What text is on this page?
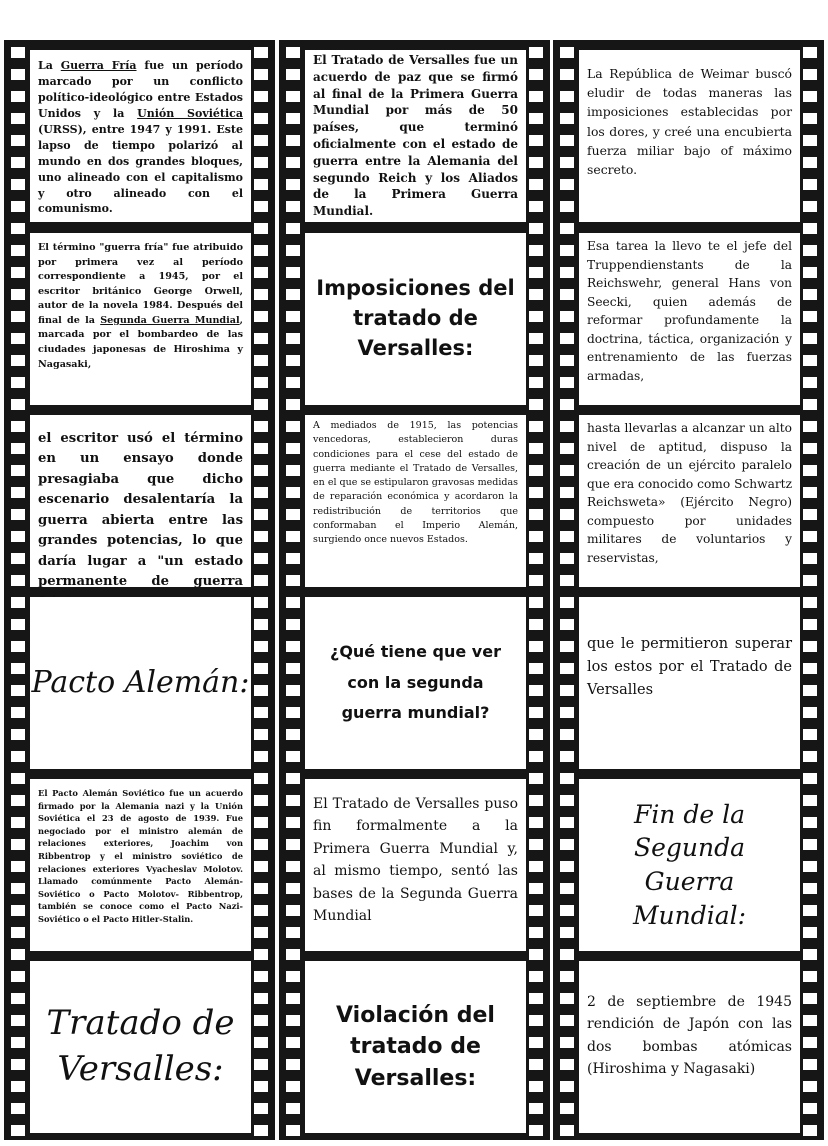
La Guerra Fría fue un período marcado por un conflicto político-ideológico entre Estados Unidos y la Unión Soviética (URSS), entre 1947 y 1991. Este lapso de tiempo polarizó al mundo en dos grandes bloques, uno alineado con el capitalismo y otro alineado con el comunismo.

El término "guerra fría" fue atribuido por primera vez al período correspondiente a 1945, por el escritor británico George Orwell, autor de la novela 1984. Después del final de la Segunda Guerra Mundial, marcada por el bombardeo de las ciudades japonesas de Hiroshima y Nagasaki,

el escritor usó el término en un ensayo donde presagiaba que dicho escenario desalentaría la guerra abierta entre las grandes potencias, lo que daría lugar a "un estado permanente de guerra

Pacto Alemán:

El Pacto Alemán Soviético fue un acuerdo firmado por la Alemania nazi y la Unión Soviética el 23 de agosto de 1939. Fue negociado por el ministro alemán de relaciones exteriores, Joachim von Ribbentrop y el ministro soviético de relaciones exteriores Vyacheslav Molotov. Llamado comúnmente Pacto Alemán-Soviético o Pacto Molotov- Ribbentrop, también se conoce como el Pacto Nazi-Soviético o el Pacto Hitler-Stalin.

Tratado de Versalles:

El Tratado de Versalles fue un acuerdo de paz que se firmó al final de la Primera Guerra Mundial por más de 50 países, que terminó oficialmente con el estado de guerra entre la Alemania del segundo Reich y los Aliados de la Primera Guerra Mundial.

Imposiciones del tratado de Versalles:

A mediados de 1915, las potencias vencedoras, establecieron duras condiciones para el cese del estado de guerra mediante el Tratado de Versalles, en el que se estipularon gravosas medidas de reparación económica y acordaron la redistribución de territorios que conformaban el Imperio Alemán, surgiendo once nuevos Estados.

¿Qué tiene que ver con la segunda guerra mundial?

El Tratado de Versalles puso fin formalmente a la Primera Guerra Mundial y, al mismo tiempo, sentó las bases de la Segunda Guerra Mundial

Violación del tratado de Versalles:

La República de Weimar buscó eludir de todas maneras las imposiciones establecidas por los dores, y creé una encubierta fuerza miliar bajo of máximo secreto.

Esa tarea la llevo te el jefe del Truppendienstants de la Reichswehr, general Hans von Seecki, quien además de reformar profundamente la doctrina, táctica, organización y entrenamiento de las fuerzas armadas,

hasta llevarlas a alcanzar un alto nivel de aptitud, dispuso la creación de un ejército paralelo que era conocido como Schwartz Reichsweta» (Ejército Negro) compuesto por unidades militares de voluntarios y reservistas,

que le permitieron superar los estos por el Tratado de Versalles

Fin de la Segunda Guerra Mundial:

2 de septiembre de 1945 rendición de Japón con las dos bombas atómicas (Hiroshima y Nagasaki)
